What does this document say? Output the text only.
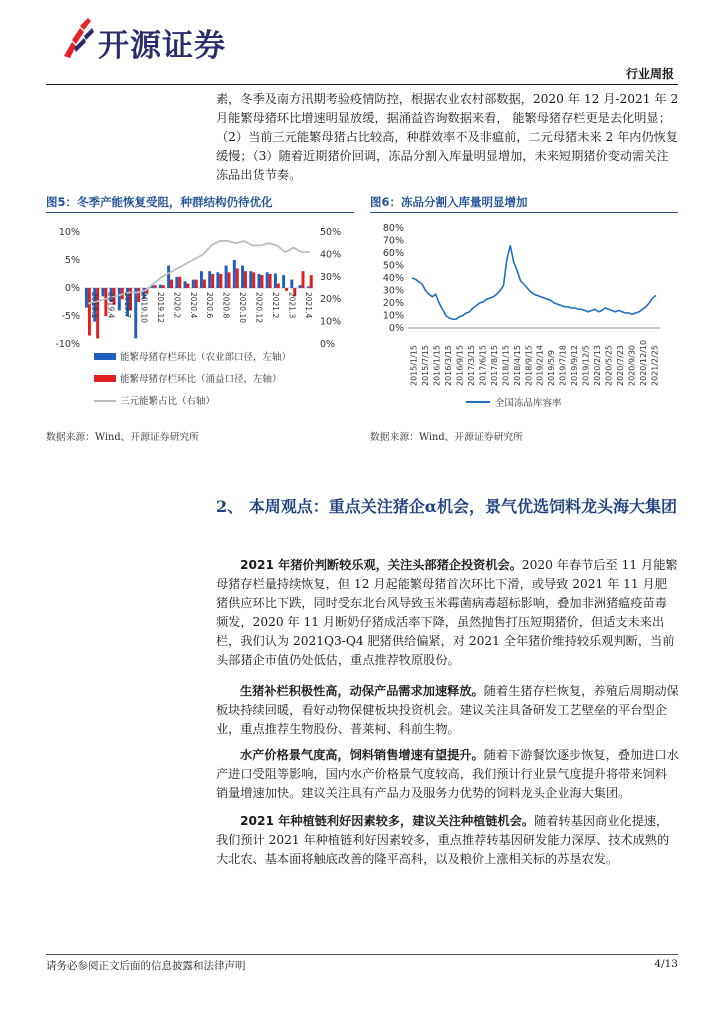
开源证券
行业周报

素，冬季及南方汛期考验疫情防控，根据农业农村部数据，2020 年 12 月-2021 年 2 月能繁母猪环比增速明显放缓，据涌益咨询数据来看， 能繁母猪存栏更是去化明显；（2）当前三元能繁母猪占比较高，种群效率不及非瘟前，二元母猪未来 2 年内仍恢复缓慢；（3）随着近期猪价回调，冻品分割入库量明显增加，未来短期猪价变动需关注冻品出货节奏。

图5：冬季产能恢复受阻，种群结构仍待优化	图6：冻品分割入库量明显增加
10%
5%
0%
-5%
-10%
50%
40%
30%
20%
10%
0%
2019.1 2019.4 2019.7 2019.10 2019.12 2020.2 2020.4 2020.6 2020.8 2020.10 2020.12 2021.2 2021.3 2021.4
能繁母猪存栏环比（农业部口径，左轴）
能繁母猪存栏环比（涌益口径，左轴）
三元能繁占比（右轴）
80%
70%
60%
50%
40%
30%
20%
10%
0%
2015/1/15 2015/7/15 2016/1/15 2016/3/15 2016/9/15 2017/3/15 2017/6/15 2017/8/15 2018/1/15 2018/4/15 2018/9/15 2019/2/14 2019/5/9 2019/7/18 2019/9/12 2019/12/5 2020/2/13 2020/5/25 2020/7/23 2020/9/30 2020/12/10 2021/2/25
全国冻品库容率
数据来源：Wind、开源证券研究所	数据来源：Wind、开源证券研究所
2、 本周观点：重点关注猪企α机会，景气优选饲料龙头海大集团

2021 年猪价判断较乐观，关注头部猪企投资机会。2020 年春节后至 11 月能繁母猪存栏量持续恢复，但 12 月起能繁母猪首次环比下滑，或导致 2021 年 11 月肥猪供应环比下跌，同时受东北台风导致玉米霉菌病毒超标影响，叠加非洲猪瘟疫苗毒频发，2020 年 11 月断奶仔猪成活率下降，虽然抛售打压短期猪价，但适支未来出栏，我们认为 2021Q3-Q4 肥猪供给偏紧，对 2021 全年猪价维持较乐观判断，当前头部猪企市值仍处低估，重点推荐牧原股份。

生猪补栏积极性高，动保产品需求加速释放。随着生猪存栏恢复，养殖后周期动保板块持续回暖，看好动物保健板块投资机会。建议关注具备研发工艺壁垒的平台型企业，重点推荐生物股份、普莱柯、科前生物。

水产价格景气度高，饲料销售增速有望提升。随着下游餐饮逐步恢复，叠加进口水产进口受阻等影响，国内水产价格景气度较高，我们预计行业景气度提升将带来饲料销量增速加快。建议关注具有产品力及服务力优势的饲料龙头企业海大集团。

2021 年种植链利好因素较多，建议关注种植链机会。随着转基因商业化提速，我们预计 2021 年种植链利好因素较多，重点推荐转基因研发能力深厚、技术成熟的大北农、基本面将触底改善的隆平高科，以及粮价上涨相关标的苏垦农发。

请务必参阅正文后面的信息披露和法律声明	4/13
